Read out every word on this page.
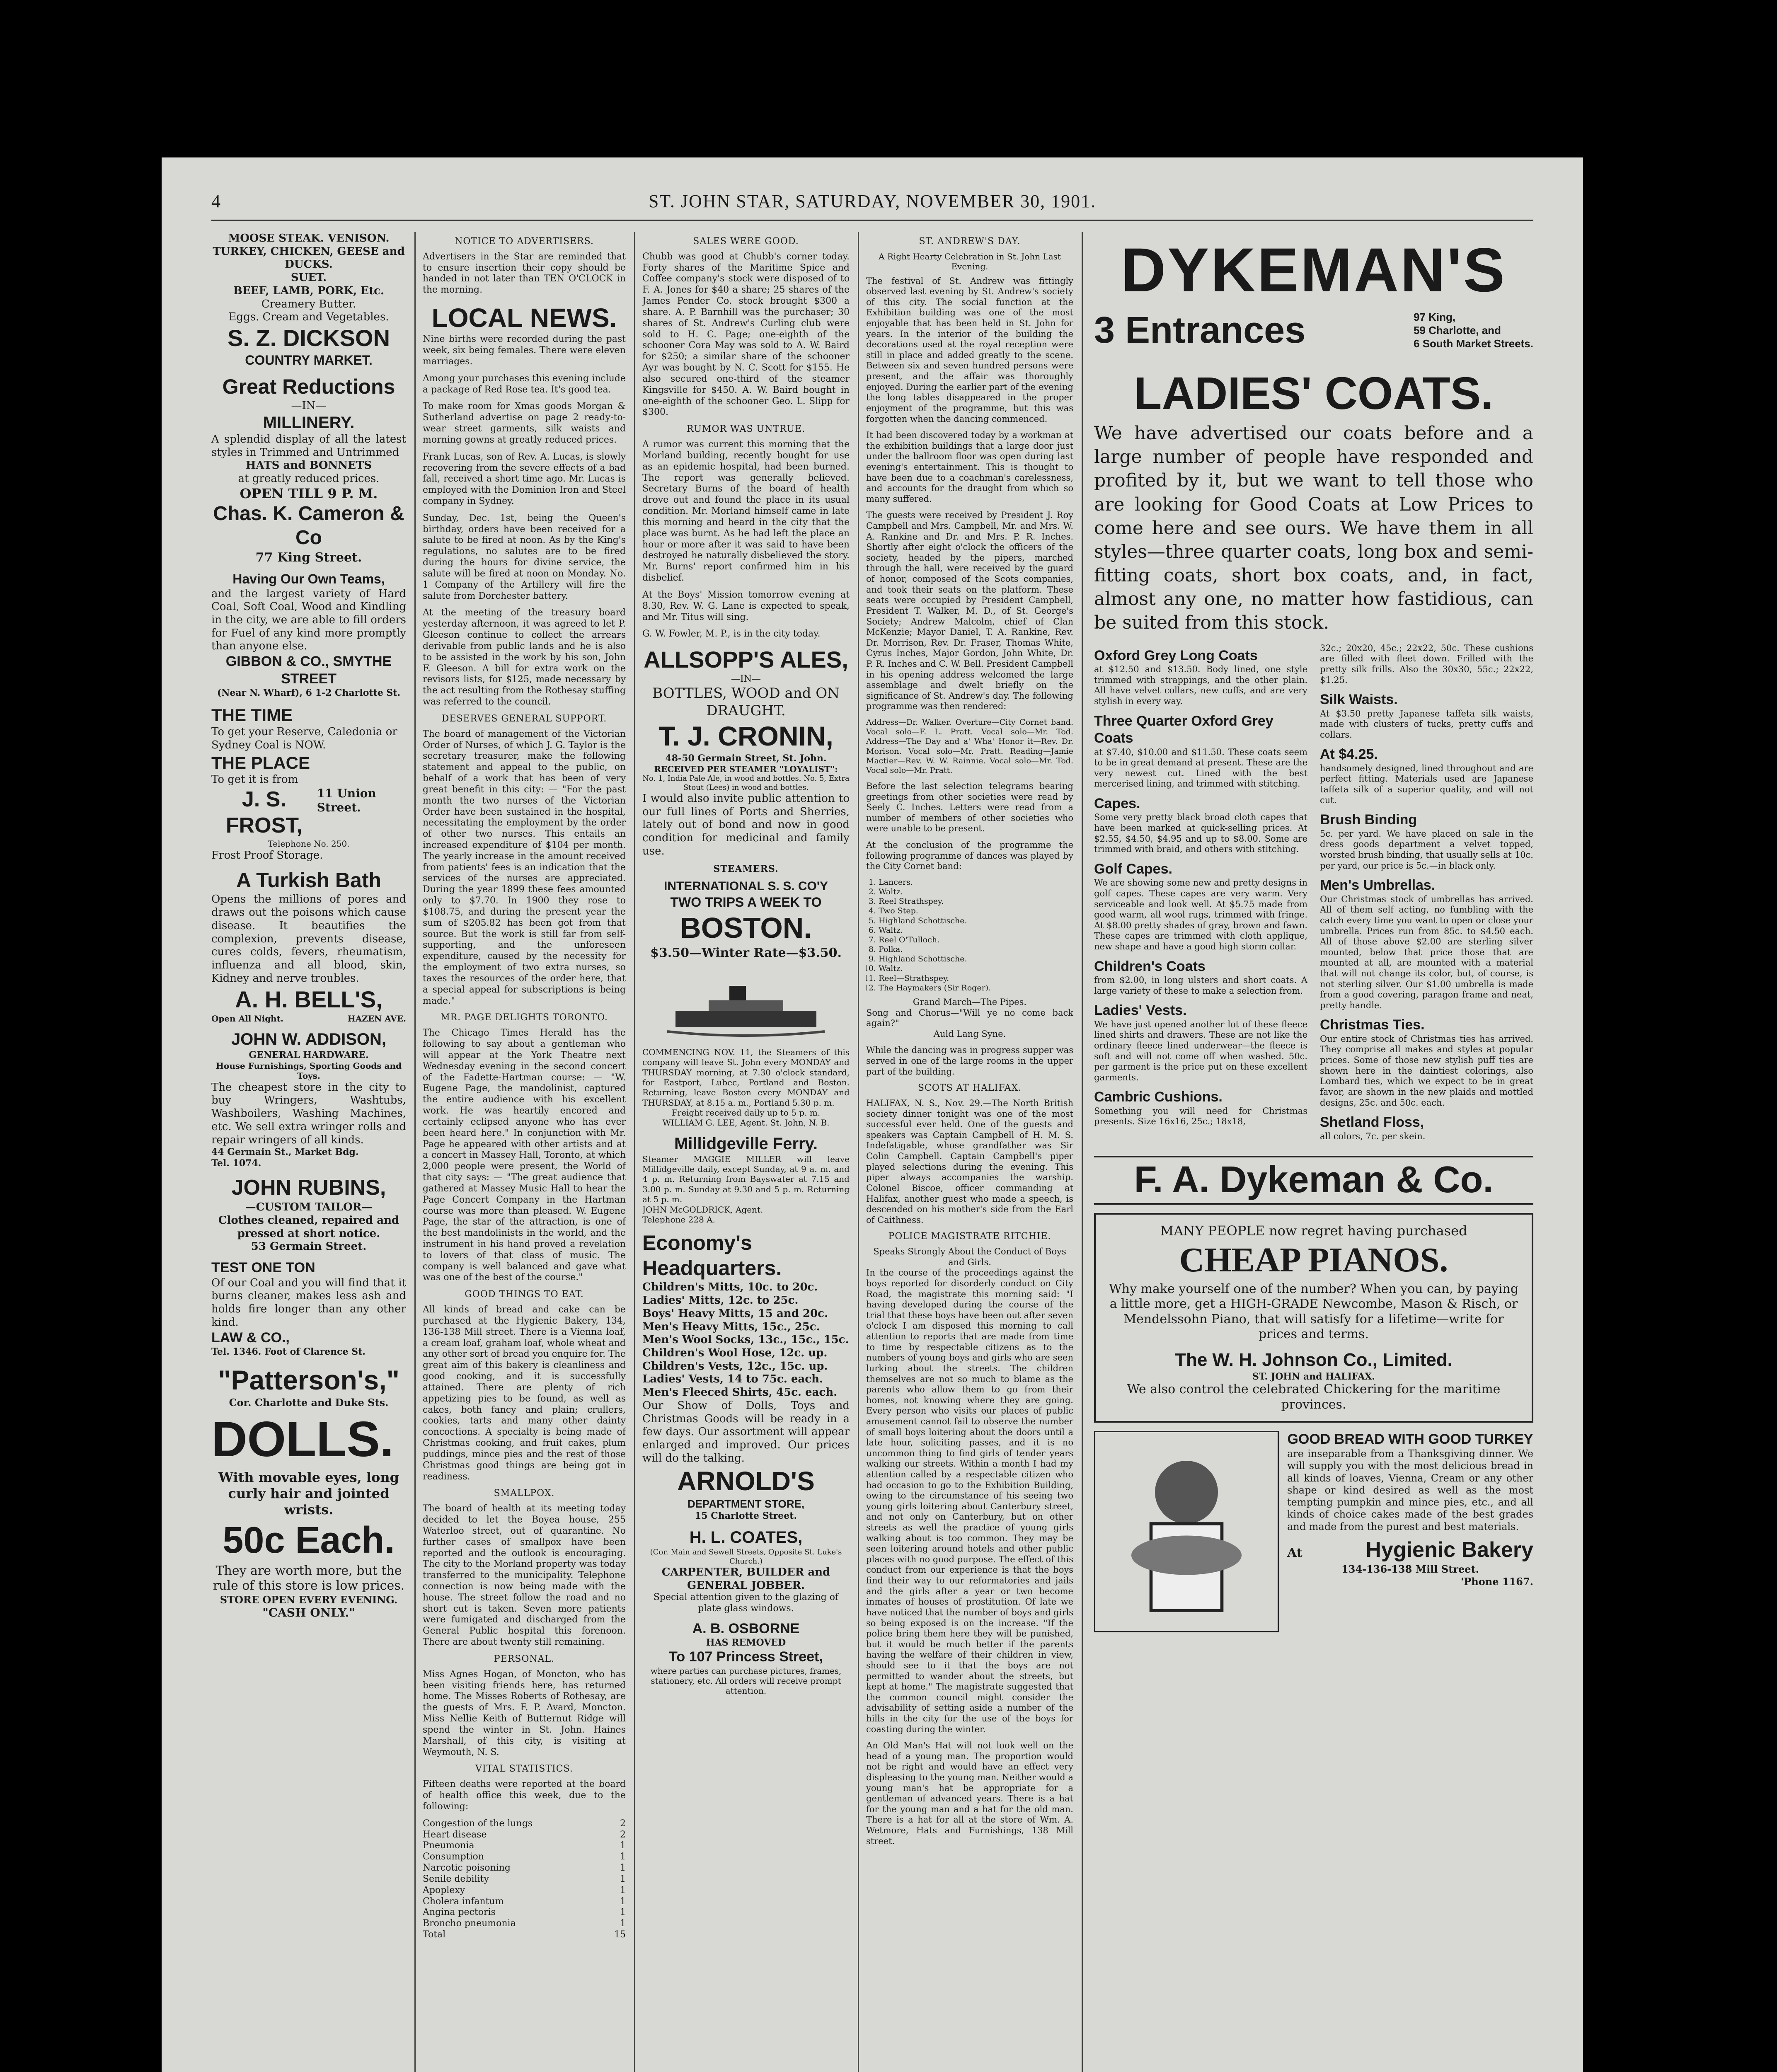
4	ST. JOHN STAR, SATURDAY, NOVEMBER 30, 1901.
MOOSE STEAK. VENISON.
TURKEY, CHICKEN, GEESE and DUCKS.
SUET.
BEEF, LAMB, PORK, Etc.
Creamery Butter.
Eggs. Cream and Vegetables.
S. Z. DICKSON
COUNTRY MARKET.
Great Reductions
—IN—
MILLINERY.
A splendid display of all the latest styles in Trimmed and Untrimmed
HATS and BONNETS
at greatly reduced prices.
OPEN TILL 9 P. M.
Chas. K. Cameron & Co
77 King Street.
Having Our Own Teams,
and the largest variety of Hard Coal, Soft Coal, Wood and Kindling in the city, we are able to fill orders for Fuel of any kind more promptly than anyone else.
GIBBON & CO., SMYTHE STREET
(Near N. Wharf), 6 1-2 Charlotte St.
THE TIME
To get your Reserve, Caledonia or Sydney Coal is NOW.
THE PLACE
To get it is from
J. S. FROST,
11 Union Street.
Telephone No. 250.
Frost Proof Storage.
A Turkish Bath
Opens the millions of pores and draws out the poisons which cause disease. It beautifies the complexion, prevents disease, cures colds, fevers, rheumatism, influenza and all blood, skin, Kidney and nerve troubles.
A. H. BELL'S,
Open All Night.	HAZEN AVE.
JOHN W. ADDISON,
GENERAL HARDWARE.
House Furnishings, Sporting Goods and Toys.
The cheapest store in the city to buy Wringers, Washtubs, Washboilers, Washing Machines, etc. We sell extra wringer rolls and repair wringers of all kinds.
44 Germain St., Market Bdg.
Tel. 1074.
JOHN RUBINS,
—CUSTOM TAILOR—
Clothes cleaned, repaired and pressed at short notice.
53 Germain Street.
TEST ONE TON
Of our Coal and you will find that it burns cleaner, makes less ash and holds fire longer than any other kind.
LAW & CO.,
Tel. 1346. Foot of Clarence St.
"Patterson's,"
Cor. Charlotte and Duke Sts.
DOLLS.
With movable eyes, long curly hair and jointed wrists.
50c Each.
They are worth more, but the rule of this store is low prices.
STORE OPEN EVERY EVENING.
"CASH ONLY."
NOTICE TO ADVERTISERS.
Advertisers in the Star are reminded that to ensure insertion their copy should be handed in not later than TEN O'CLOCK in the morning.
LOCAL NEWS.
Nine births were recorded during the past week, six being females. There were eleven marriages.
Among your purchases this evening include a package of Red Rose tea. It's good tea.
To make room for Xmas goods Morgan & Sutherland advertise on page 2 ready-to-wear street garments, silk waists and morning gowns at greatly reduced prices.
Frank Lucas, son of Rev. A. Lucas, is slowly recovering from the severe effects of a bad fall, received a short time ago. Mr. Lucas is employed with the Dominion Iron and Steel company in Sydney.
Sunday, Dec. 1st, being the Queen's birthday, orders have been received for a salute to be fired at noon. As by the King's regulations, no salutes are to be fired during the hours for divine service, the salute will be fired at noon on Monday. No. 1 Company of the Artillery will fire the salute from Dorchester battery.
At the meeting of the treasury board yesterday afternoon, it was agreed to let P. Gleeson continue to collect the arrears derivable from public lands and he is also to be assisted in the work by his son, John F. Gleeson. A bill for extra work on the revisors lists, for $125, made necessary by the act resulting from the Rothesay stuffing was referred to the council.
DESERVES GENERAL SUPPORT.
The board of management of the Victorian Order of Nurses, of which J. G. Taylor is the secretary treasurer, make the following statement and appeal to the public, on behalf of a work that has been of very great benefit in this city: — "For the past month the two nurses of the Victorian Order have been sustained in the hospital, necessitating the employment by the order of other two nurses. This entails an increased expenditure of $104 per month. The yearly increase in the amount received from patients' fees is an indication that the services of the nurses are appreciated. During the year 1899 these fees amounted only to $7.70. In 1900 they rose to $108.75, and during the present year the sum of $205.82 has been got from that source. But the work is still far from self-supporting, and the unforeseen expenditure, caused by the necessity for the employment of two extra nurses, so taxes the resources of the order here, that a special appeal for subscriptions is being made."
MR. PAGE DELIGHTS TORONTO.
The Chicago Times Herald has the following to say about a gentleman who will appear at the York Theatre next Wednesday evening in the second concert of the Fadette-Hartman course: — "W. Eugene Page, the mandolinist, captured the entire audience with his excellent work. He was heartily encored and certainly eclipsed anyone who has ever been heard here." In conjunction with Mr. Page he appeared with other artists and at a concert in Massey Hall, Toronto, at which 2,000 people were present, the World of that city says: — "The great audience that gathered at Massey Music Hall to hear the Page Concert Company in the Hartman course was more than pleased. W. Eugene Page, the star of the attraction, is one of the best mandolinists in the world, and the instrument in his hand proved a revelation to lovers of that class of music. The company is well balanced and gave what was one of the best of the course."
GOOD THINGS TO EAT.
All kinds of bread and cake can be purchased at the Hygienic Bakery, 134, 136-138 Mill street. There is a Vienna loaf, a cream loaf, graham loaf, whole wheat and any other sort of bread you enquire for. The great aim of this bakery is cleanliness and good cooking, and it is successfully attained. There are plenty of rich appetizing pies to be found, as well as cakes, both fancy and plain; crullers, cookies, tarts and many other dainty concoctions. A specialty is being made of Christmas cooking, and fruit cakes, plum puddings, mince pies and the rest of those Christmas good things are being got in readiness.
SMALLPOX.
The board of health at its meeting today decided to let the Boyea house, 255 Waterloo street, out of quarantine. No further cases of smallpox have been reported and the outlook is encouraging. The city to the Morland property was today transferred to the municipality. Telephone connection is now being made with the house. The street follow the road and no short cut is taken. Seven more patients were fumigated and discharged from the General Public hospital this forenoon. There are about twenty still remaining.
PERSONAL.
Miss Agnes Hogan, of Moncton, who has been visiting friends here, has returned home. The Misses Roberts of Rothesay, are the guests of Mrs. F. P. Avard, Moncton. Miss Nellie Keith of Butternut Ridge will spend the winter in St. John. Haines Marshall, of this city, is visiting at Weymouth, N. S.
VITAL STATISTICS.
Fifteen deaths were reported at the board of health office this week, due to the following:
Congestion of the lungs	2
Heart disease	2
Pneumonia	1
Consumption	1
Narcotic poisoning	1
Senile debility	1
Apoplexy	1
Cholera infantum	1
Angina pectoris	1
Broncho pneumonia	1
Total	15
SALES WERE GOOD.
Chubb was good at Chubb's corner today. Forty shares of the Maritime Spice and Coffee company's stock were disposed of to F. A. Jones for $40 a share; 25 shares of the James Pender Co. stock brought $300 a share. A. P. Barnhill was the purchaser; 30 shares of St. Andrew's Curling club were sold to H. C. Page; one-eighth of the schooner Cora May was sold to A. W. Baird for $250; a similar share of the schooner Ayr was bought by N. C. Scott for $155. He also secured one-third of the steamer Kingsville for $450. A. W. Baird bought in one-eighth of the schooner Geo. L. Slipp for $300.
RUMOR WAS UNTRUE.
A rumor was current this morning that the Morland building, recently bought for use as an epidemic hospital, had been burned. The report was generally believed. Secretary Burns of the board of health drove out and found the place in its usual condition. Mr. Morland himself came in late this morning and heard in the city that the place was burnt. As he had left the place an hour or more after it was said to have been destroyed he naturally disbelieved the story. Mr. Burns' report confirmed him in his disbelief.
At the Boys' Mission tomorrow evening at 8.30, Rev. W. G. Lane is expected to speak, and Mr. Titus will sing.
G. W. Fowler, M. P., is in the city today.
ALLSOPP'S ALES,
—IN—
BOTTLES, WOOD and ON
DRAUGHT.
T. J. CRONIN,
48-50 Germain Street, St. John.
RECEIVED PER STEAMER "LOYALIST":
No. 1, India Pale Ale, in wood and bottles. No. 5, Extra Stout (Lees) in wood and bottles.
I would also invite public attention to our full lines of Ports and Sherries, lately out of bond and now in good condition for medicinal and family use.
STEAMERS.
INTERNATIONAL S. S. CO'Y
TWO TRIPS A WEEK TO
BOSTON.
$3.50—Winter Rate—$3.50.
COMMENCING NOV. 11, the Steamers of this company will leave St. John every MONDAY and THURSDAY morning, at 7.30 o'clock standard, for Eastport, Lubec, Portland and Boston. Returning, leave Boston every MONDAY and THURSDAY, at 8.15 a. m., Portland 5.30 p. m.
Freight received daily up to 5 p. m.
WILLIAM G. LEE, Agent. St. John, N. B.
Millidgeville Ferry.
Steamer MAGGIE MILLER will leave Millidgeville daily, except Sunday, at 9 a. m. and 4 p. m. Returning from Bayswater at 7.15 and 3.00 p. m. Sunday at 9.30 and 5 p. m. Returning at 5 p. m.
JOHN McGOLDRICK, Agent.
Telephone 228 A.
Economy's Headquarters.
Children's Mitts, 10c. to 20c.
Ladies' Mitts, 12c. to 25c.
Boys' Heavy Mitts, 15 and 20c.
Men's Heavy Mitts, 15c., 25c.
Men's Wool Socks, 13c., 15c., 15c.
Children's Wool Hose, 12c. up.
Children's Vests, 12c., 15c. up.
Ladies' Vests, 14 to 75c. each.
Men's Fleeced Shirts, 45c. each.
Our Show of Dolls, Toys and Christmas Goods will be ready in a few days. Our assortment will appear enlarged and improved. Our prices will do the talking.
ARNOLD'S
DEPARTMENT STORE,
15 Charlotte Street.
H. L. COATES,
(Cor. Main and Sewell Streets, Opposite St. Luke's Church.)
CARPENTER, BUILDER and GENERAL JOBBER.
Special attention given to the glazing of plate glass windows.
A. B. OSBORNE
HAS REMOVED
To 107 Princess Street,
where parties can purchase pictures, frames, stationery, etc. All orders will receive prompt attention.
ST. ANDREW'S DAY.
A Right Hearty Celebration in St. John Last Evening.
The festival of St. Andrew was fittingly observed last evening by St. Andrew's society of this city. The social function at the Exhibition building was one of the most enjoyable that has been held in St. John for years. In the interior of the building the decorations used at the royal reception were still in place and added greatly to the scene. Between six and seven hundred persons were present, and the affair was thoroughly enjoyed. During the earlier part of the evening the long tables disappeared in the proper enjoyment of the programme, but this was forgotten when the dancing commenced.
It had been discovered today by a workman at the exhibition buildings that a large door just under the ballroom floor was open during last evening's entertainment. This is thought to have been due to a coachman's carelessness, and accounts for the draught from which so many suffered.
The guests were received by President J. Roy Campbell and Mrs. Campbell, Mr. and Mrs. W. A. Rankine and Dr. and Mrs. P. R. Inches. Shortly after eight o'clock the officers of the society, headed by the pipers, marched through the hall, were received by the guard of honor, composed of the Scots companies, and took their seats on the platform. These seats were occupied by President Campbell, President T. Walker, M. D., of St. George's Society; Andrew Malcolm, chief of Clan McKenzie; Mayor Daniel, T. A. Rankine, Rev. Dr. Morrison, Rev. Dr. Fraser, Thomas White, Cyrus Inches, Major Gordon, John White, Dr. P. R. Inches and C. W. Bell. President Campbell in his opening address welcomed the large assemblage and dwelt briefly on the significance of St. Andrew's day. The following programme was then rendered:
Address—Dr. Walker. Overture—City Cornet band. Vocal solo—F. L. Pratt. Vocal solo—Mr. Tod. Address—The Day and a' Wha' Honor it—Rev. Dr. Morison. Vocal solo—Mr. Pratt. Reading—Jamie Mactier—Rev. W. W. Rainnie. Vocal solo—Mr. Tod. Vocal solo—Mr. Pratt.
Before the last selection telegrams bearing greetings from other societies were read by Seely C. Inches. Letters were read from a number of members of other societies who were unable to be present.
At the conclusion of the programme the following programme of dances was played by the City Cornet band:
1. Lancers.
2. Waltz.
3. Reel Strathspey.
4. Two Step.
5. Highland Schottische.
6. Waltz.
7. Reel O'Tulloch.
8. Polka.
9. Highland Schottische.
10. Waltz.
11. Reel—Strathspey.
12. The Haymakers (Sir Roger).
Grand March—The Pipes.
Song and Chorus—"Will ye no come back again?"
Auld Lang Syne.
While the dancing was in progress supper was served in one of the large rooms in the upper part of the building.
SCOTS AT HALIFAX.
HALIFAX, N. S., Nov. 29.—The North British society dinner tonight was one of the most successful ever held. One of the guests and speakers was Captain Campbell of H. M. S. Indefatigable, whose grandfather was Sir Colin Campbell. Captain Campbell's piper played selections during the evening. This piper always accompanies the warship. Colonel Biscoe, officer commanding at Halifax, another guest who made a speech, is descended on his mother's side from the Earl of Caithness.
POLICE MAGISTRATE RITCHIE.
Speaks Strongly About the Conduct of Boys and Girls.
In the course of the proceedings against the boys reported for disorderly conduct on City Road, the magistrate this morning said: "I having developed during the course of the trial that these boys have been out after seven o'clock I am disposed this morning to call attention to reports that are made from time to time by respectable citizens as to the numbers of young boys and girls who are seen lurking about the streets. The children themselves are not so much to blame as the parents who allow them to go from their homes, not knowing where they are going. Every person who visits our places of public amusement cannot fail to observe the number of small boys loitering about the doors until a late hour, soliciting passes, and it is no uncommon thing to find girls of tender years walking our streets. Within a month I had my attention called by a respectable citizen who had occasion to go to the Exhibition Building, owing to the circumstance of his seeing two young girls loitering about Canterbury street, and not only on Canterbury, but on other streets as well the practice of young girls walking about is too common. They may be seen loitering around hotels and other public places with no good purpose. The effect of this conduct from our experience is that the boys find their way to our reformatories and jails and the girls after a year or two become inmates of houses of prostitution. Of late we have noticed that the number of boys and girls so being exposed is on the increase. "If the police bring them here they will be punished, but it would be much better if the parents having the welfare of their children in view, should see to it that the boys are not permitted to wander about the streets, but kept at home." The magistrate suggested that the common council might consider the advisability of setting aside a number of the hills in the city for the use of the boys for coasting during the winter.
An Old Man's Hat will not look well on the head of a young man. The proportion would not be right and would have an effect very displeasing to the young man. Neither would a young man's hat be appropriate for a gentleman of advanced years. There is a hat for the young man and a hat for the old man. There is a hat for all at the store of Wm. A. Wetmore, Hats and Furnishings, 138 Mill street.
DYKEMAN'S
3 Entrances	97 King,
59 Charlotte, and
6 South Market Streets.
LADIES' COATS.
We have advertised our coats before and a large number of people have responded and profited by it, but we want to tell those who are looking for Good Coats at Low Prices to come here and see ours. We have them in all styles—three quarter coats, long box and semi-fitting coats, short box coats, and, in fact, almost any one, no matter how fastidious, can be suited from this stock.
Oxford Grey Long Coats
at $12.50 and $13.50. Body lined, one style trimmed with strappings, and the other plain. All have velvet collars, new cuffs, and are very stylish in every way.
Three Quarter Oxford Grey Coats
at $7.40, $10.00 and $11.50. These coats seem to be in great demand at present. These are the very newest cut. Lined with the best mercerised lining, and trimmed with stitching.
Capes.
Some very pretty black broad cloth capes that have been marked at quick-selling prices. At $2.55, $4.50, $4.95 and up to $8.00. Some are trimmed with braid, and others with stitching.
Golf Capes.
We are showing some new and pretty designs in golf capes. These capes are very warm. Very serviceable and look well. At $5.75 made from good warm, all wool rugs, trimmed with fringe. At $8.00 pretty shades of gray, brown and fawn. These capes are trimmed with cloth applique, new shape and have a good high storm collar.
Children's Coats
from $2.00, in long ulsters and short coats. A large variety of these to make a selection from.
Ladies' Vests.
We have just opened another lot of these fleece lined shirts and drawers. These are not like the ordinary fleece lined underwear—the fleece is soft and will not come off when washed. 50c. per garment is the price put on these excellent garments.
Cambric Cushions.
Something you will need for Christmas presents. Size 16x16, 25c.; 18x18,
32c.; 20x20, 45c.; 22x22, 50c. These cushions are filled with fleet down. Frilled with the pretty silk frills. Also the 30x30, 55c.; 22x22, $1.25.
Silk Waists.
At $3.50 pretty Japanese taffeta silk waists, made with clusters of tucks, pretty cuffs and collars.
At $4.25.
handsomely designed, lined throughout and are perfect fitting. Materials used are Japanese taffeta silk of a superior quality, and will not cut.
Brush Binding
5c. per yard. We have placed on sale in the dress goods department a velvet topped, worsted brush binding, that usually sells at 10c. per yard, our price is 5c.—in black only.
Men's Umbrellas.
Our Christmas stock of umbrellas has arrived. All of them self acting, no fumbling with the catch every time you want to open or close your umbrella. Prices run from 85c. to $4.50 each. All of those above $2.00 are sterling silver mounted, below that price those that are mounted at all, are mounted with a material that will not change its color, but, of course, is not sterling silver. Our $1.00 umbrella is made from a good covering, paragon frame and neat, pretty handle.
Christmas Ties.
Our entire stock of Christmas ties has arrived. They comprise all makes and styles at popular prices. Some of those new stylish puff ties are shown here in the daintiest colorings, also Lombard ties, which we expect to be in great favor, are shown in the new plaids and mottled designs, 25c. and 50c. each.
Shetland Floss,
all colors, 7c. per skein.
F. A. Dykeman & Co.
MANY PEOPLE now regret having purchased
CHEAP PIANOS.
Why make yourself one of the number? When you can, by paying a little more, get a HIGH-GRADE Newcombe, Mason & Risch, or Mendelssohn Piano, that will satisfy for a lifetime—write for prices and terms.
The W. H. Johnson Co., Limited.
ST. JOHN and HALIFAX.
We also control the celebrated Chickering for the maritime provinces.
GOOD BREAD WITH GOOD TURKEY
are inseparable from a Thanksgiving dinner. We will supply you with the most delicious bread in all kinds of loaves, Vienna, Cream or any other shape or kind desired as well as the most tempting pumpkin and mince pies, etc., and all kinds of choice cakes made of the best grades and made from the purest and best materials.
At	Hygienic Bakery
134-136-138 Mill Street.
'Phone 1167.
